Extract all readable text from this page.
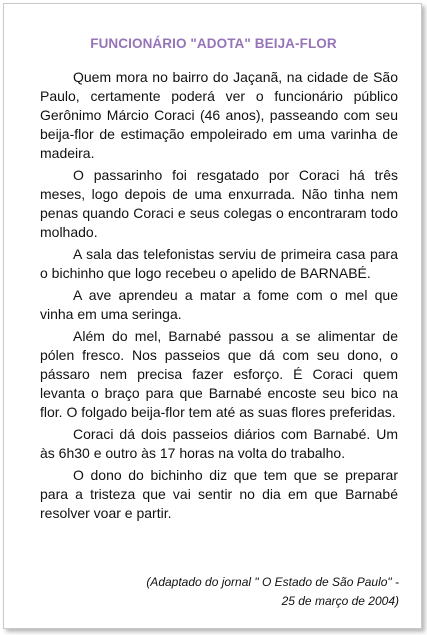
FUNCIONÁRIO "ADOTA" BEIJA-FLOR

Quem mora no bairro do Jaçanã, na cidade de São Paulo, certamente poderá ver o funcionário público Gerônimo Márcio Coraci (46 anos), passeando com seu beija-flor de estimação empoleirado em uma varinha de madeira.

O passarinho foi resgatado por Coraci há três meses, logo depois de uma enxurrada. Não tinha nem penas quando Coraci e seus colegas o encontraram todo molhado.

A sala das telefonistas serviu de primeira casa para o bichinho que logo recebeu o apelido de BARNABÉ.

A ave aprendeu a matar a fome com o mel que vinha em uma seringa.

Além do mel, Barnabé passou a se alimentar de pólen fresco. Nos passeios que dá com seu dono, o pássaro nem precisa fazer esforço. É Coraci quem levanta o braço para que Barnabé encoste seu bico na flor. O folgado beija-flor tem até as suas flores preferidas.

Coraci dá dois passeios diários com Barnabé. Um às 6h30 e outro às 17 horas na volta do trabalho.

O dono do bichinho diz que tem que se preparar para a tristeza que vai sentir no dia em que Barnabé resolver voar e partir.

(Adaptado do jornal " O Estado de São Paulo" -
25 de março de 2004)
